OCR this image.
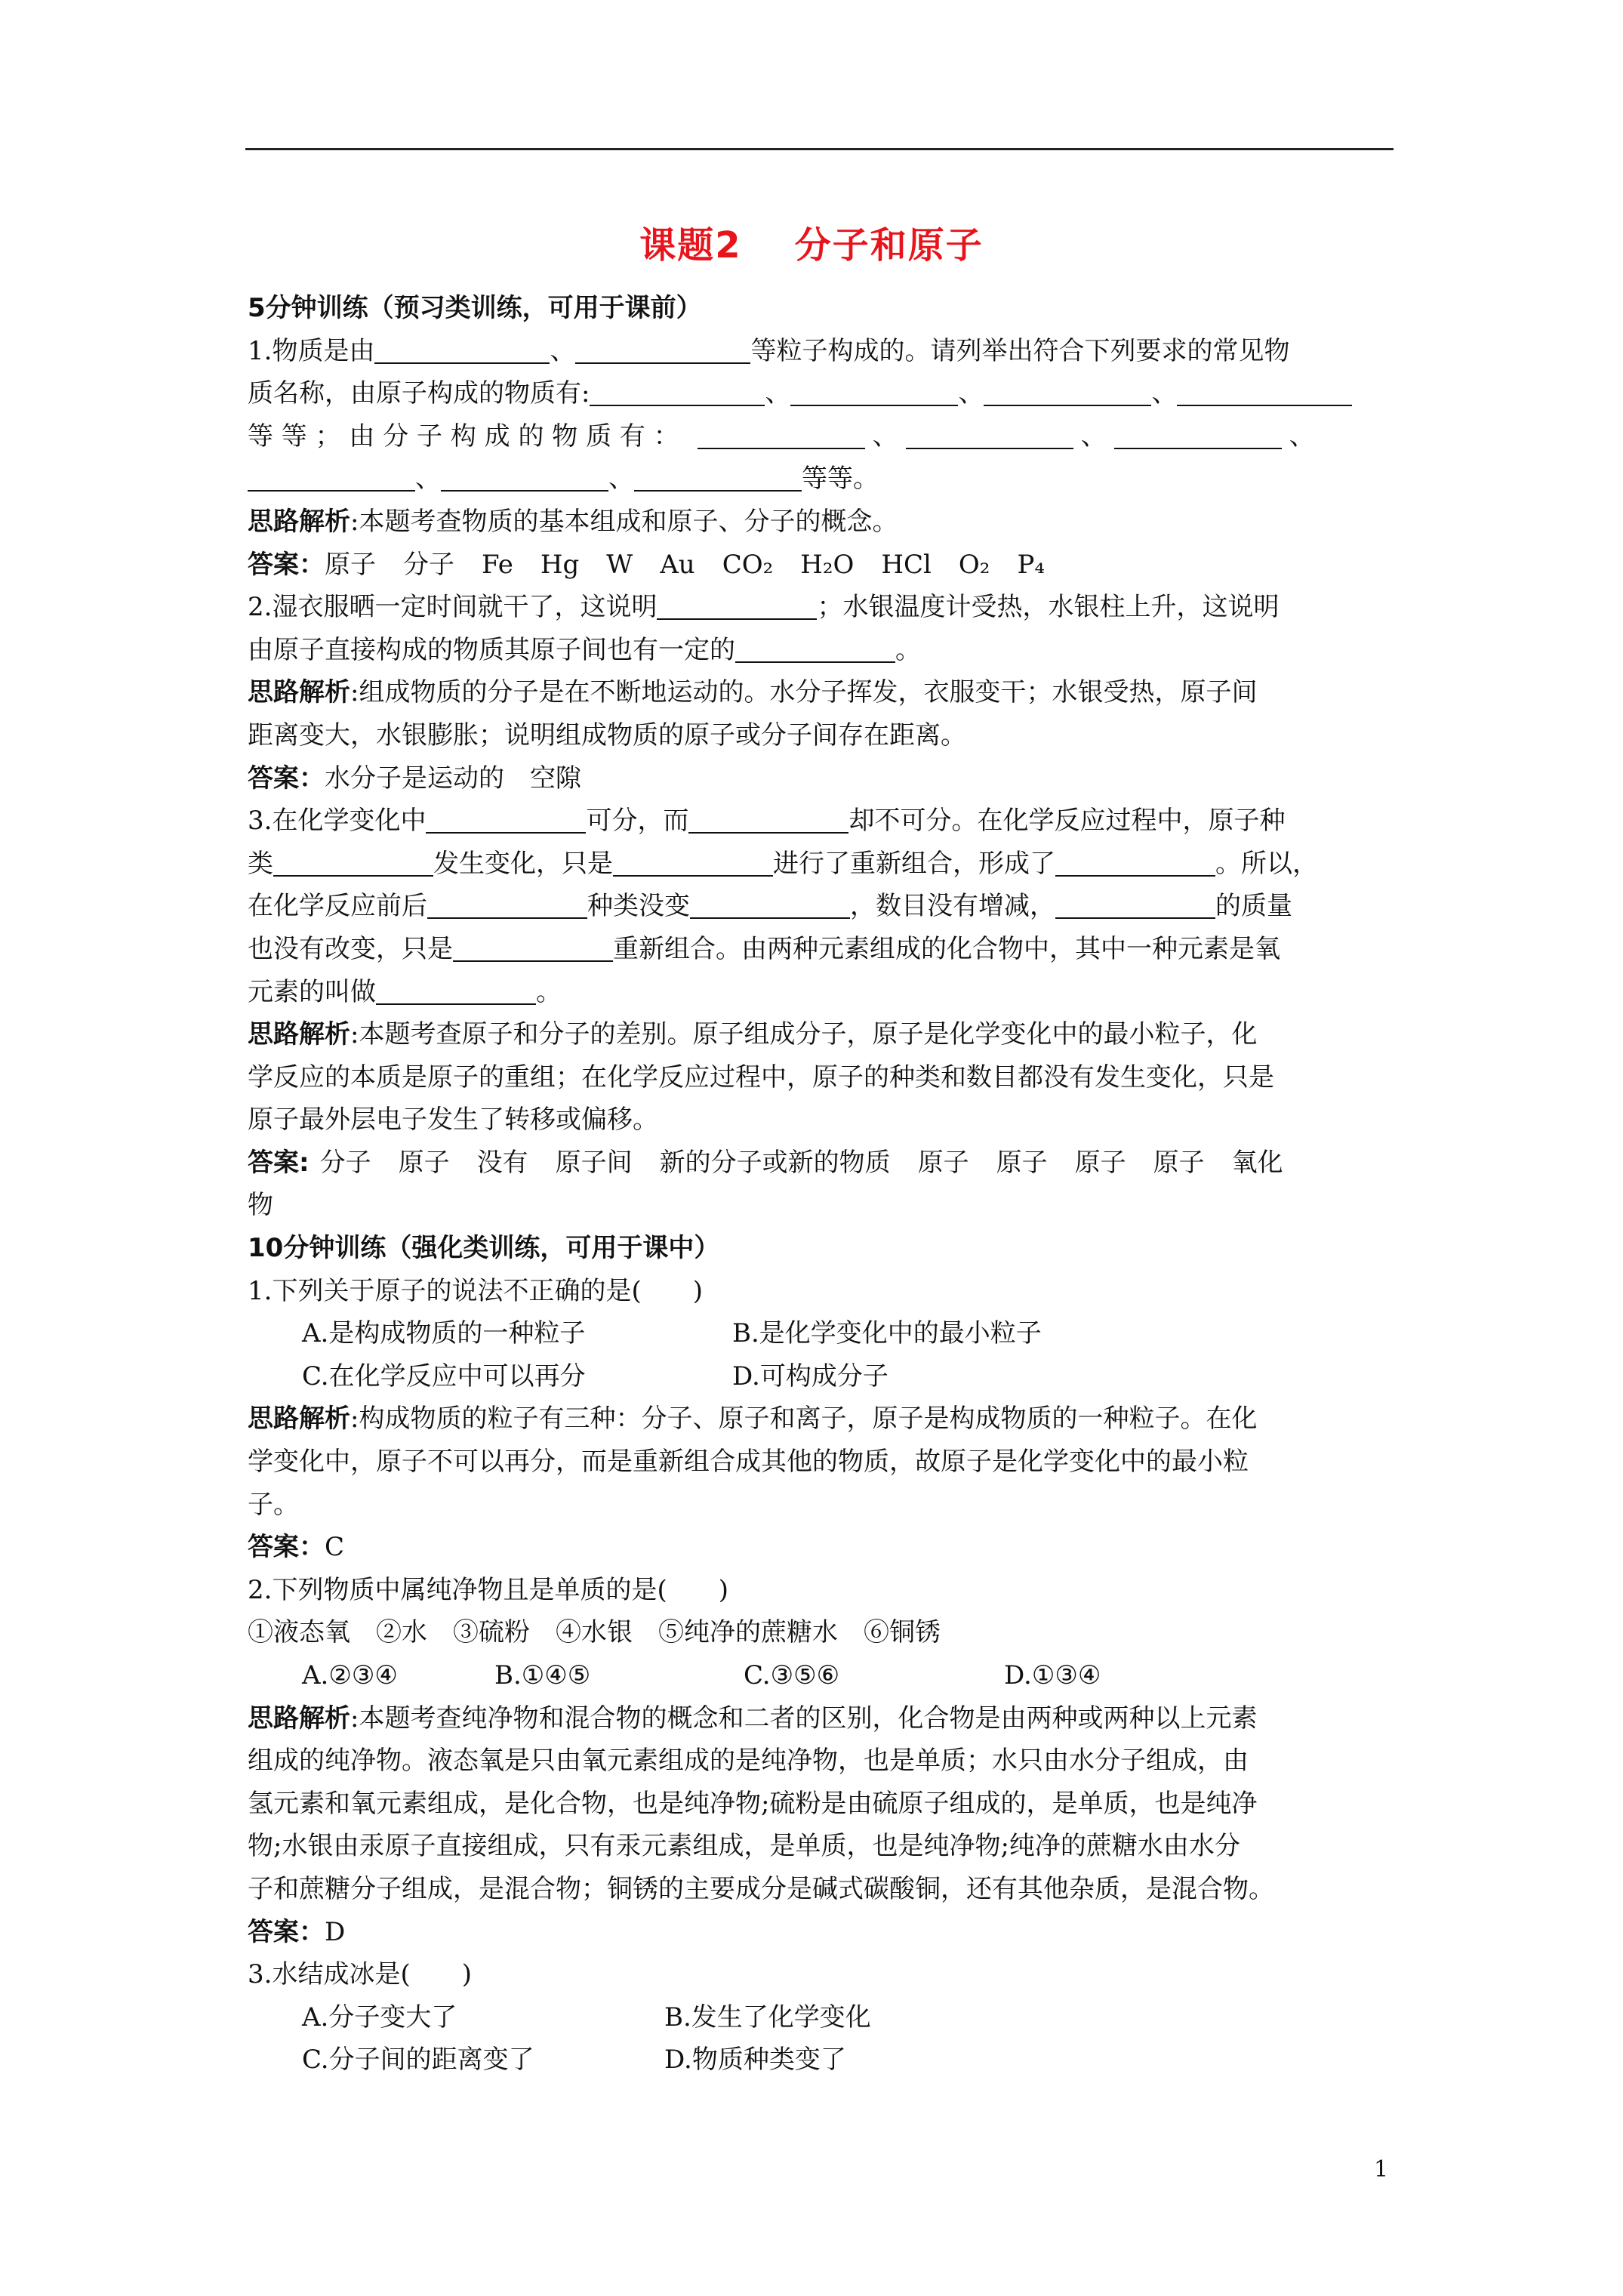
课题2 分子和原子
5分钟训练（预习类训练，可用于课前）
1.物质是由	、	等粒子构成的。请列举出符合下列要求的常见物
质名称，由原子构成的物质有:	、	、	、
等 等 ； 由 分 子 构 成 的 物 质 有 ：	、	、	、
、	、	等等。
思路解析:本题考查物质的基本组成和原子、分子的概念。
答案：原子 分子 Fe Hg W Au CO₂ H₂O HCl O₂ P₄
2.湿衣服晒一定时间就干了，这说明	；水银温度计受热，水银柱上升，这说明
由原子直接构成的物质其原子间也有一定的	。
思路解析:组成物质的分子是在不断地运动的。水分子挥发，衣服变干；水银受热，原子间
距离变大，水银膨胀；说明组成物质的原子或分子间存在距离。
答案：水分子是运动的　空隙
3.在化学变化中	可分，而	却不可分。在化学反应过程中，原子种
类	发生变化，只是	进行了重新组合，形成了	。所以，
在化学反应前后	种类没变	，数目没有增减，	的质量
也没有改变，只是	重新组合。由两种元素组成的化合物中，其中一种元素是氧
元素的叫做	。
思路解析:本题考查原子和分子的差别。原子组成分子，原子是化学变化中的最小粒子，化
学反应的本质是原子的重组；在化学反应过程中，原子的种类和数目都没有发生变化，只是
原子最外层电子发生了转移或偏移。
答案: 分子 原子 没有 原子间 新的分子或新的物质 原子 原子 原子 原子 氧化
物
10分钟训练（强化类训练，可用于课中）
1.下列关于原子的说法不正确的是(　　)
A.是构成物质的一种粒子	B.是化学变化中的最小粒子
C.在化学反应中可以再分	D.可构成分子
思路解析:构成物质的粒子有三种：分子、原子和离子，原子是构成物质的一种粒子。在化
学变化中，原子不可以再分，而是重新组合成其他的物质，故原子是化学变化中的最小粒
子。
答案：C
2.下列物质中属纯净物且是单质的是(　　)
①液态氧　②水　③硫粉　④水银　⑤纯净的蔗糖水　⑥铜锈
A.②③④	B.①④⑤	C.③⑤⑥	D.①③④
思路解析:本题考查纯净物和混合物的概念和二者的区别，化合物是由两种或两种以上元素
组成的纯净物。液态氧是只由氧元素组成的是纯净物，也是单质；水只由水分子组成，由
氢元素和氧元素组成，是化合物，也是纯净物;硫粉是由硫原子组成的，是单质，也是纯净
物;水银由汞原子直接组成，只有汞元素组成，是单质，也是纯净物;纯净的蔗糖水由水分
子和蔗糖分子组成，是混合物；铜锈的主要成分是碱式碳酸铜，还有其他杂质，是混合物。
答案：D
3.水结成冰是(　　)
A.分子变大了	B.发生了化学变化
C.分子间的距离变了	D.物质种类变了
1
